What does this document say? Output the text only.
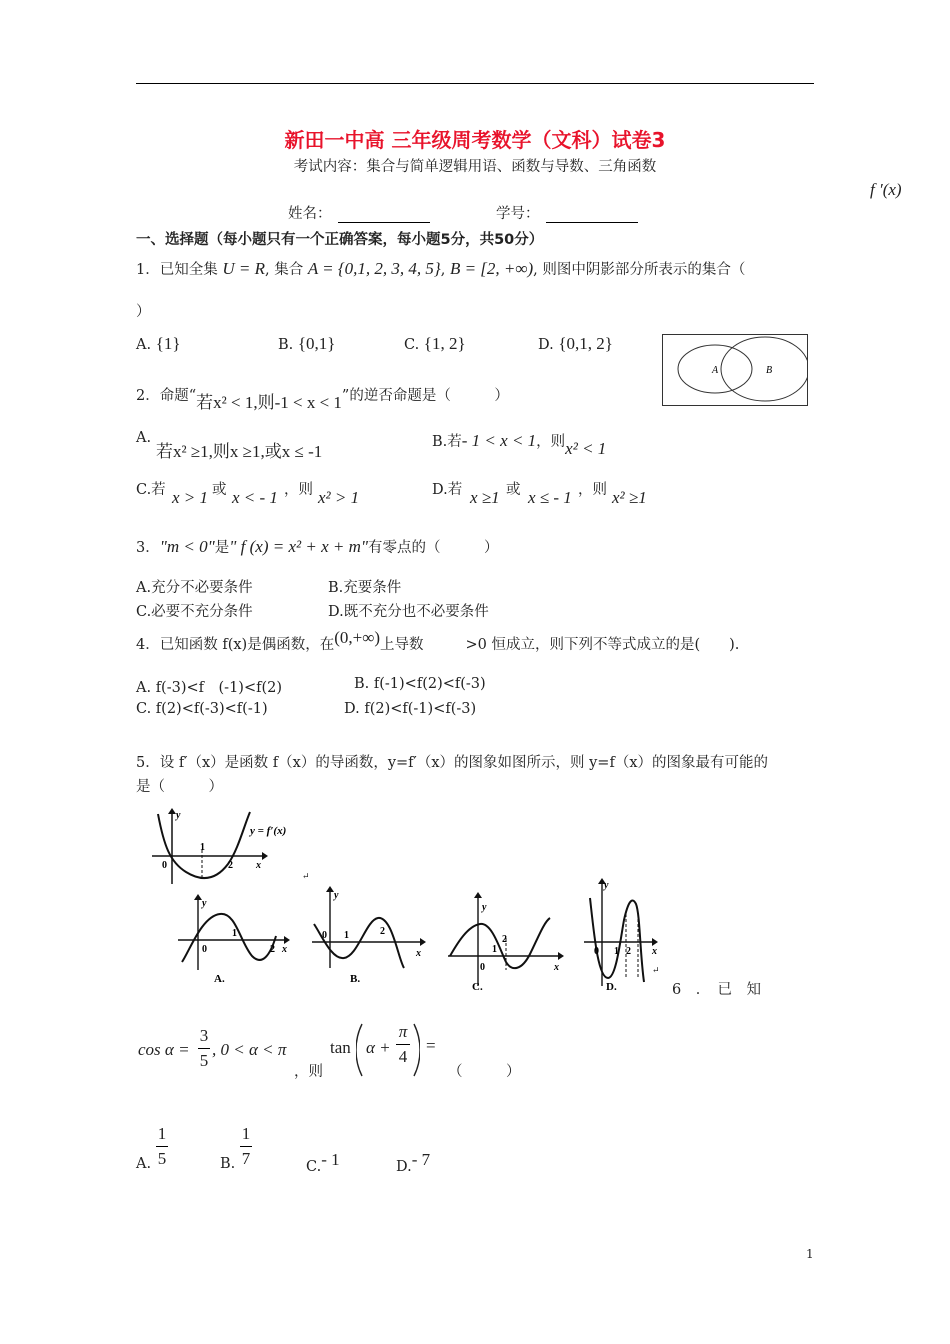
新田一中高 三年级周考数学（文科）试卷3
考试内容：集合与简单逻辑用语、函数与导数、三角函数
f ′(x)
姓名：	学号：
一、选择题（每小题只有一个正确答案，每小题5分，共50分）
1．已知全集 U = R, 集合 A = {0,1, 2, 3, 4, 5}, B = [2, +∞), 则图中阴影部分所表示的集合（
）
A. {1}	B. {0,1}	C. {1, 2}	D. {0,1, 2}
A	B
2．命题“若x² < 1,则-1 < x < 1”的逆否命题是（　　　）
A.
若x² ≥1,则x ≥1,或x ≤ -1	B.若- 1 < x < 1，则x² < 1
C.若 x > 1 或 x < - 1 ，则 x² > 1	D.若 x ≥1 或 x ≤ - 1 ，则 x² ≥1
3．"m < 0"是" f (x) = x² + x + m"有零点的（　　　）
A.充分不必要条件	B.充要条件
C.必要不充分条件	D.既不充分也不必要条件
4．已知函数 f(x)是偶函数，在(0,+∞)上导数	>0 恒成立，则下列不等式成立的是(　　).
A. f(-3)<f　(-1)<f(2)	B. f(-1)<f(2)<f(-3)
C. f(2)<f(-3)<f(-1)	D. f(2)<f(-1)<f(-3)
5．设 f′（x）是函数 f（x）的导函数，y=f′（x）的图象如图所示，则 y=f（x）的图象最有可能的
是（　　　）
y
0
1
2 x
y = f′(x)
↵
y
0
1
2 x
A.
y
0 1	2
x
B.
y
0
1
2
x
C.
y
0 1 2 x
D.
↵
6　．　已　知
cos α =
3
5
, 0 < α < π
，则
tan α +
π
4
=
（　　　）
A.
1
5	B.
1
7	C.- 1	D.- 7
1
